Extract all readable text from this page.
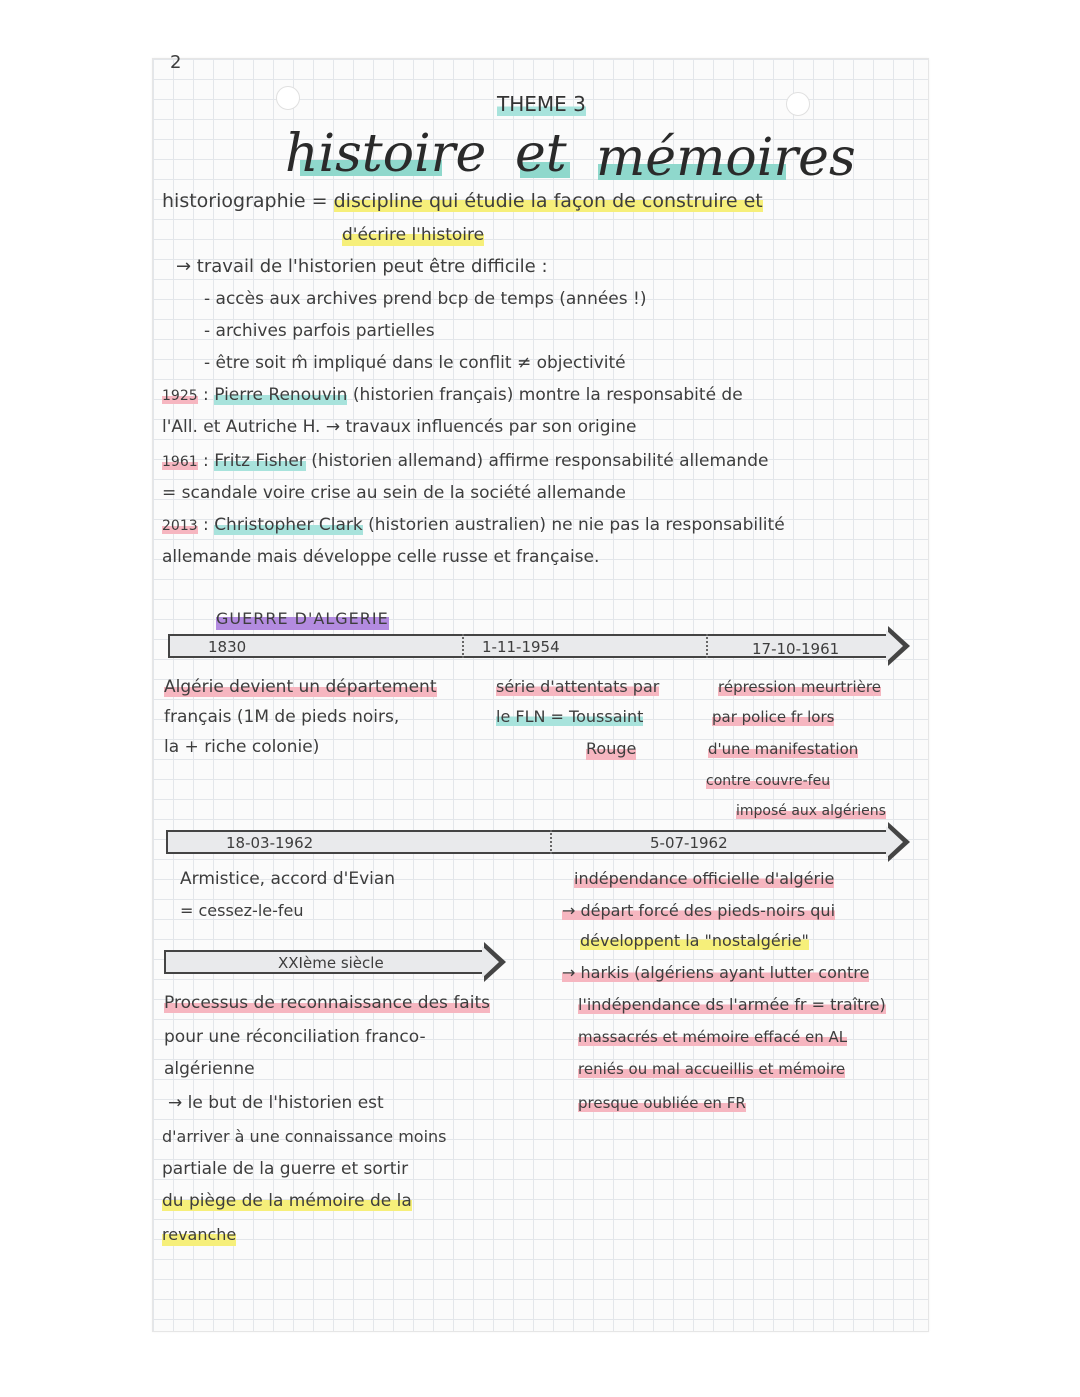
2
THEME 3
histoire et mémoires
historiographie = discipline qui étudie la façon de construire et
d'écrire l'histoire
→ travail de l'historien peut être difficile :
- accès aux archives prend bcp de temps (années !)
- archives parfois partielles
- être soit m̂ impliqué dans le conflit ≠ objectivité
1925 : Pierre Renouvin (historien français) montre la responsabité de
l'All. et Autriche H. → travaux influencés par son origine
1961 : Fritz Fisher (historien allemand) affirme responsabilité allemande
= scandale voire crise au sein de la société allemande
2013 : Christopher Clark (historien australien) ne nie pas la responsabilité
allemande mais développe celle russe et française.
GUERRE D'ALGERIE
1830	1-11-1954	17-10-1961
Algérie devient un département
français (1M de pieds noirs,
la + riche colonie)
série d'attentats par
le FLN = Toussaint
Rouge
répression meurtrière
par police fr lors
d'une manifestation
contre couvre-feu
imposé aux algériens
18-03-1962	5-07-1962
Armistice, accord d'Evian
= cessez-le-feu
indépendance officielle d'algérie
→ départ forcé des pieds-noirs qui
développent la "nostalgérie"
→ harkis (algériens ayant lutter contre
l'indépendance ds l'armée fr = traître)
massacrés et mémoire effacé en AL
reniés ou mal accueillis et mémoire
presque oubliée en FR
XXIème siècle
Processus de reconnaissance des faits
pour une réconciliation franco-
algérienne
→ le but de l'historien est
d'arriver à une connaissance moins
partiale de la guerre et sortir
du piège de la mémoire de la
revanche
